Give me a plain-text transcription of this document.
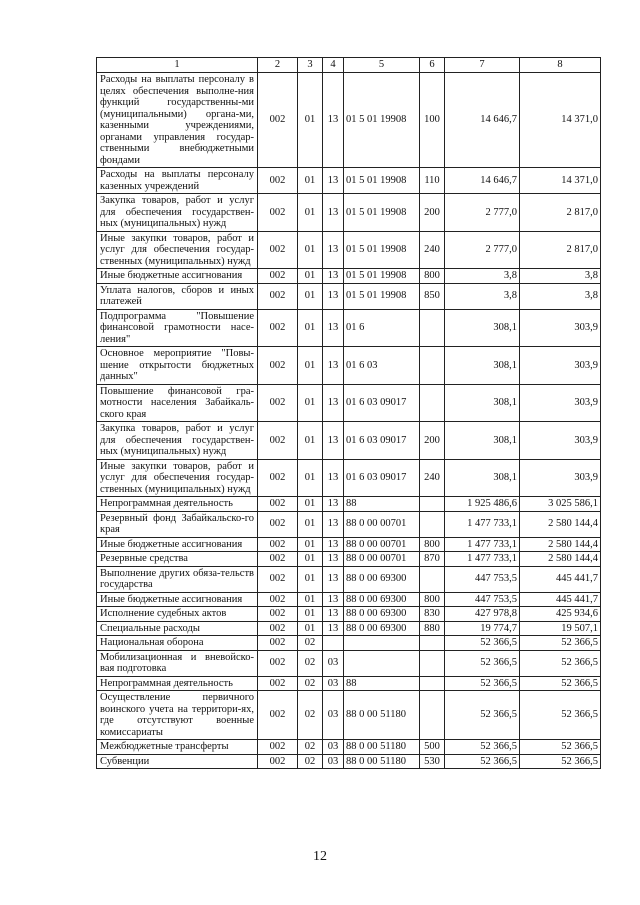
1	2	3	4	5	6	7	8
Расходы на выплаты персоналу в целях обеспечения выполне-ния функций государственны-ми (муниципальными) органа-ми, казенными учреждениями, органами управления государ-ственными внебюджетными фондами	002	01	13	01 5 01 19908	100	14 646,7	14 371,0
Расходы на выплаты персоналу казенных учреждений	002	01	13	01 5 01 19908	110	14 646,7	14 371,0
Закупка товаров, работ и услуг для обеспечения государствен-ных (муниципальных) нужд	002	01	13	01 5 01 19908	200	2 777,0	2 817,0
Иные закупки товаров, работ и услуг для обеспечения государ-ственных (муниципальных) нужд	002	01	13	01 5 01 19908	240	2 777,0	2 817,0
Иные бюджетные ассигнования	002	01	13	01 5 01 19908	800	3,8	3,8
Уплата налогов, сборов и иных платежей	002	01	13	01 5 01 19908	850	3,8	3,8
Подпрограмма "Повышение финансовой грамотности насе-ления"	002	01	13	01 6		308,1	303,9
Основное мероприятие "Повы-шение открытости бюджетных данных"	002	01	13	01 6 03		308,1	303,9
Повышение финансовой гра-мотности населения Забайкаль-ского края	002	01	13	01 6 03 09017		308,1	303,9
Закупка товаров, работ и услуг для обеспечения государствен-ных (муниципальных) нужд	002	01	13	01 6 03 09017	200	308,1	303,9
Иные закупки товаров, работ и услуг для обеспечения государ-ственных (муниципальных) нужд	002	01	13	01 6 03 09017	240	308,1	303,9
Непрограммная деятельность	002	01	13	88		1 925 486,6	3 025 586,1
Резервный фонд Забайкальско-го края	002	01	13	88 0 00 00701		1 477 733,1	2 580 144,4
Иные бюджетные ассигнования	002	01	13	88 0 00 00701	800	1 477 733,1	2 580 144,4
Резервные средства	002	01	13	88 0 00 00701	870	1 477 733,1	2 580 144,4
Выполнение других обяза-тельств государства	002	01	13	88 0 00 69300		447 753,5	445 441,7
Иные бюджетные ассигнования	002	01	13	88 0 00 69300	800	447 753,5	445 441,7
Исполнение судебных актов	002	01	13	88 0 00 69300	830	427 978,8	425 934,6
Специальные расходы	002	01	13	88 0 00 69300	880	19 774,7	19 507,1
Национальная оборона	002	02				52 366,5	52 366,5
Мобилизационная и вневойско-вая подготовка	002	02	03			52 366,5	52 366,5
Непрограммная деятельность	002	02	03	88		52 366,5	52 366,5
Осуществление первичного воинского учета на территори-ях, где отсутствуют военные комиссариаты	002	02	03	88 0 00 51180		52 366,5	52 366,5
Межбюджетные трансферты	002	02	03	88 0 00 51180	500	52 366,5	52 366,5
Субвенции	002	02	03	88 0 00 51180	530	52 366,5	52 366,5
12
